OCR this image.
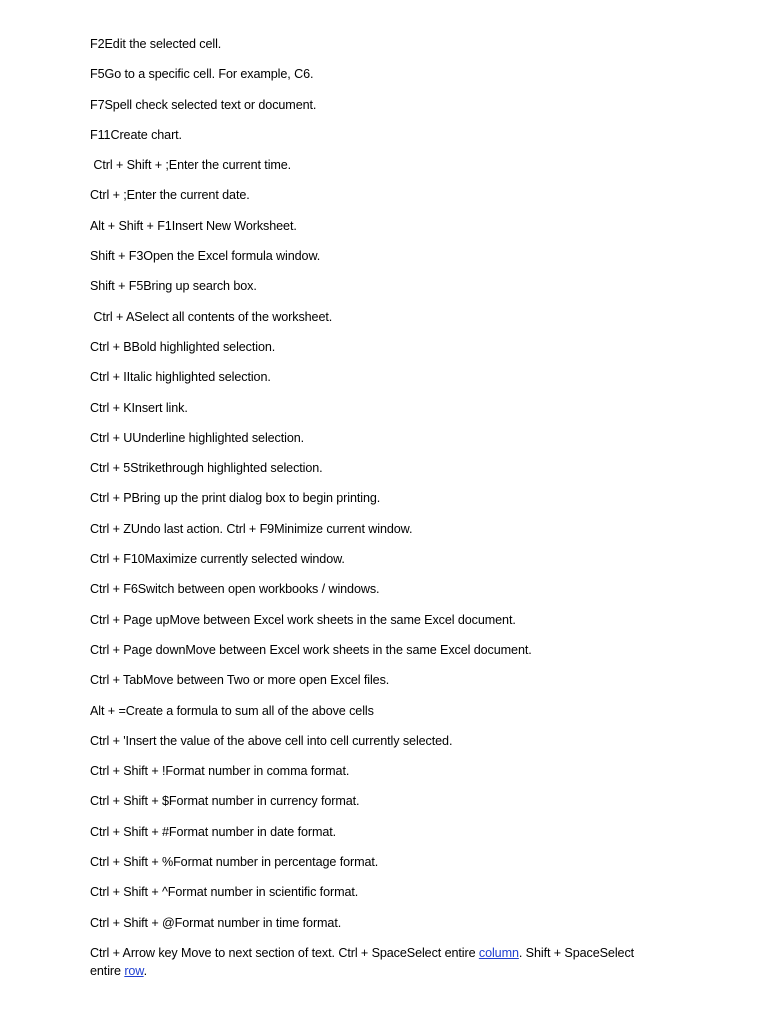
F2Edit the selected cell.
F5Go to a specific cell. For example, C6.
F7Spell check selected text or document.
F11Create chart.
Ctrl + Shift + ;Enter the current time.
Ctrl + ;Enter the current date.
Alt + Shift + F1Insert New Worksheet.
Shift + F3Open the Excel formula window.
Shift + F5Bring up search box.
Ctrl + ASelect all contents of the worksheet.
Ctrl + BBold highlighted selection.
Ctrl + IItalic highlighted selection.
Ctrl + KInsert link.
Ctrl + UUnderline highlighted selection.
Ctrl + 5Strikethrough highlighted selection.
Ctrl + PBring up the print dialog box to begin printing.
Ctrl + ZUndo last action. Ctrl + F9Minimize current window.
Ctrl + F10Maximize currently selected window.
Ctrl + F6Switch between open workbooks / windows.
Ctrl + Page upMove between Excel work sheets in the same Excel document.
Ctrl + Page downMove between Excel work sheets in the same Excel document.
Ctrl + TabMove between Two or more open Excel files.
Alt + =Create a formula to sum all of the above cells
Ctrl + 'Insert the value of the above cell into cell currently selected.
Ctrl + Shift + !Format number in comma format.
Ctrl + Shift + $Format number in currency format.
Ctrl + Shift + #Format number in date format.
Ctrl + Shift + %Format number in percentage format.
Ctrl + Shift + ^Format number in scientific format.
Ctrl + Shift + @Format number in time format.
Ctrl + Arrow key Move to next section of text. Ctrl + SpaceSelect entire column. Shift + SpaceSelect entire row.
